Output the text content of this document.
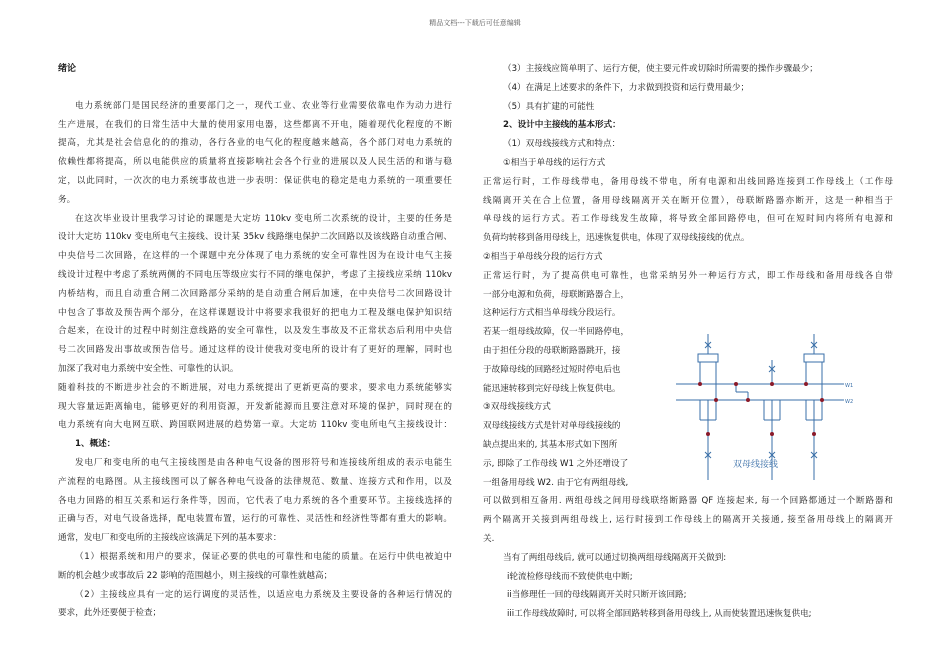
精品文档---下载后可任意编辑
绪论
电力系统部门是国民经济的重要部门之一，现代工业、农业等行业需要依靠电作为动力进行
生产进展，在我们的日常生活中大量的使用家用电器，这些都离不开电，随着现代化程度的不断
提高，尤其是社会信息化的的推动，各行各业的电气化的程度越来越高，各个部门对电力系统的
依赖性都将提高，所以电能供应的质量将直接影响社会各个行业的进展以及人民生活的和谐与稳
定，以此同时，一次次的电力系统事故也进一步表明：保证供电的稳定是电力系统的一项重要任
务。
在这次毕业设计里我学习讨论的课题是大定坊 110kv 变电所二次系统的设计，主要的任务是
设计大定坊 110kv 变电所电气主接线、设计某 35kv 线路继电保护二次回路以及该线路自动重合闸、
中央信号二次回路，在这样的一个课题中充分体现了电力系统的安全可靠性因为在设计电气主接
线设计过程中考虑了系统两侧的不同电压等级应实行不同的继电保护，考虑了主接线应采纳 110kv
内桥结构，而且自动重合闸二次回路部分采纳的是自动重合闸后加速，在中央信号二次回路设计
中包含了事故及预告两个部分，在这样课题设计中将要求我很好的把电力工程及继电保护知识结
合起来，在设计的过程中时刻注意线路的安全可靠性，以及发生事故及不正常状态后利用中央信
号二次回路发出事故或预告信号。通过这样的设计使我对变电所的设计有了更好的理解，同时也
加深了我对电力系统中安全性、可靠性的认识。
随着科技的不断进步社会的不断进展，对电力系统提出了更新更高的要求，要求电力系统能够实
现大容量远距离输电，能够更好的利用资源，开发新能源而且要注意对环境的保护，同时现在的
电力系统有向大电网互联、跨国联网进展的趋势第一章。大定坊 110kv 变电所电气主接线设计：
1、概述：
发电厂和变电所的电气主接线图是由各种电气设备的图形符号和连接线所组成的表示电能生
产流程的电路图。从主接线图可以了解各种电气设备的法律规范、数量、连接方式和作用，以及
各电力回路的相互关系和运行条件等，因而，它代表了电力系统的各个重要环节。主接线选择的
正确与否，对电气设备选择，配电装置布置，运行的可靠性、灵活性和经济性等都有重大的影响。
通常，发电厂和变电所的主接线应该满足下列的基本要求：
（1）根据系统和用户的要求，保证必要的供电的可靠性和电能的质量。在运行中供电被迫中
断的机会越少或事故后 22 影响的范围越小，则主接线的可靠性就越高；
（2）主接线应具有一定的运行调度的灵活性，以适应电力系统及主要设备的各种运行情况的
要求，此外还要便于检查；
（3）主接线应简单明了、运行方便，使主要元件或切除时所需要的操作步骤最少；
（4）在满足上述要求的条件下，力求做到投资和运行费用最少；
（5）具有扩建的可能性
2、设计中主接线的基本形式：
（1）双母线接线方式和特点：
①相当于单母线的运行方式
正常运行时，工作母线带电，备用母线不带电，所有电源和出线回路连接到工作母线上（工作母
线隔离开关在合上位置，备用母线隔离开关在断开位置），母联断路器亦断开，这是一种相当于
单母线的运行方式。若工作母线发生故障，将导致全部回路停电，但可在短时间内将所有电源和
负荷均转移到备用母线上，迅速恢复供电，体现了双母线接线的优点。
②相当于单母线分段的运行方式
正常运行时，为了提高供电可靠性，也常采纳另外一种运行方式，即工作母线和备用母线各自带
一部分电源和负荷，母联断路器合上，
这种运行方式相当单母线分段运行。
若某一组母线故障，仅一半回路停电，
由于担任分段的母联断路器跳开，接
于故障母线的回路经过短时停电后也
能迅速转移到完好母线上恢复供电。
③双母线接线方式
双母线接线方式是针对单母线接线的
缺点提出来的, 其基本形式如下图所
示, 即除了工作母线 W1 之外还增设了
一组备用母线 W2. 由于它有两组母线,
可以做到相互备用. 两组母线之间用母线联络断路器 QF 连接起来, 每一个回路都通过一个断路器和
两个隔离开关接到两组母线上, 运行时接到工作母线上的隔离开关接通, 接至备用母线上的隔离开
关.
当有了两组母线后, 就可以通过切换两组母线隔离开关做到:
ⅰ轮流检修母线而不致使供电中断;
ⅰⅰ当修理任一回的母线隔离开关时只断开该回路;
ⅰⅰⅰ工作母线故障时, 可以将全部回路转移到备用母线上, 从而使装置迅速恢复供电;
W1
W2
双母线接线
